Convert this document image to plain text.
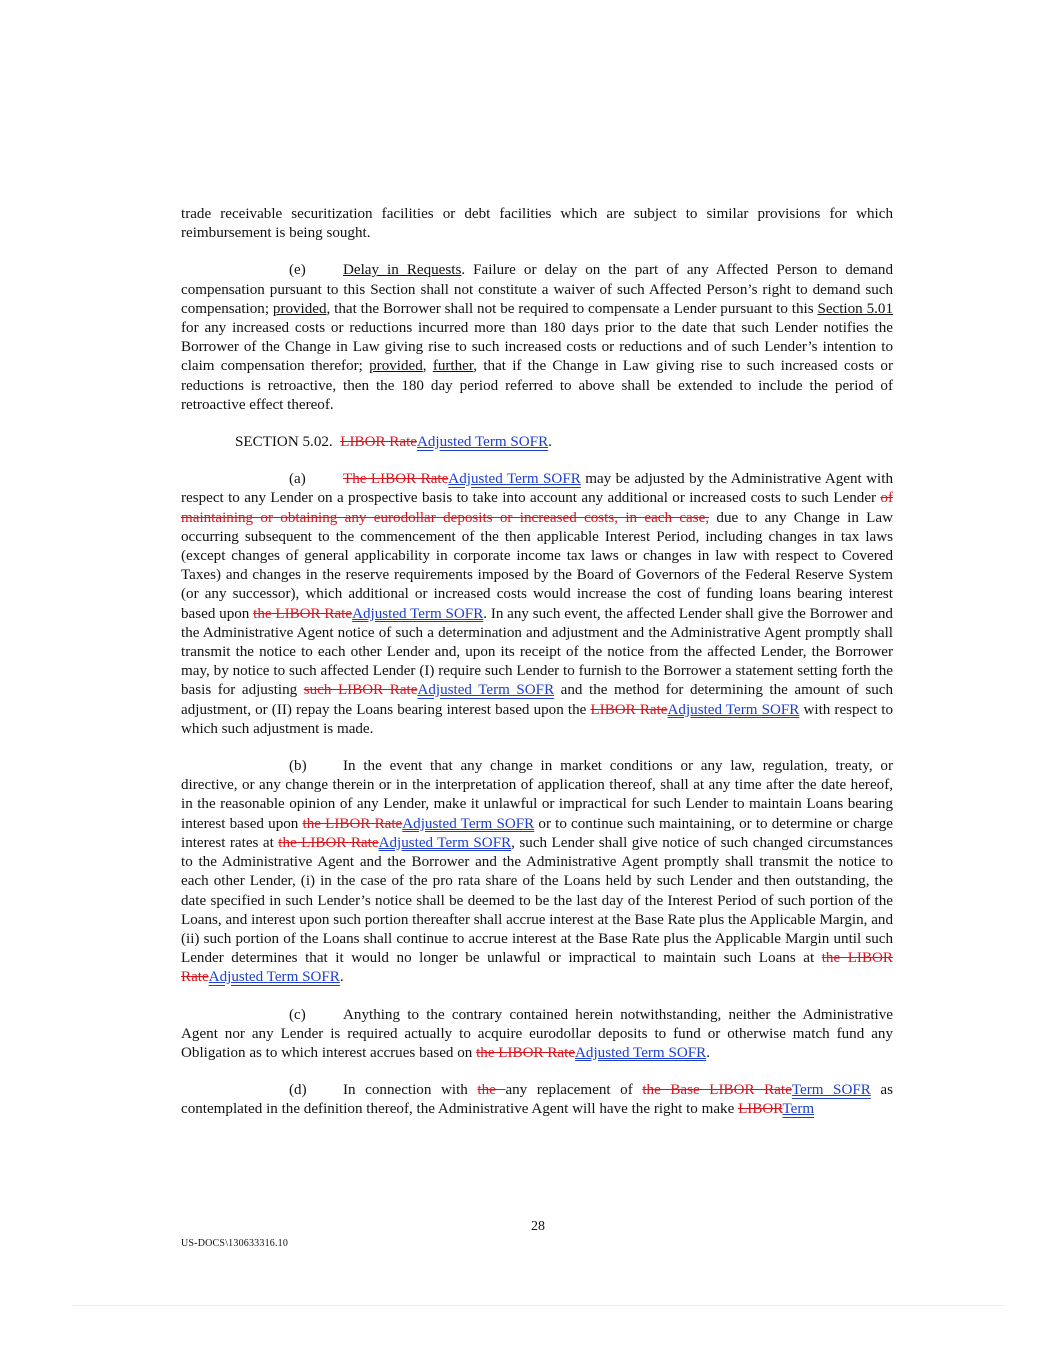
trade receivable securitization facilities or debt facilities which are subject to similar provisions for which reimbursement is being sought.

(e) Delay in Requests. Failure or delay on the part of any Affected Person to demand compensation pursuant to this Section shall not constitute a waiver of such Affected Person’s right to demand such compensation; provided, that the Borrower shall not be required to compensate a Lender pursuant to this Section 5.01 for any increased costs or reductions incurred more than 180 days prior to the date that such Lender notifies the Borrower of the Change in Law giving rise to such increased costs or reductions and of such Lender’s intention to claim compensation therefor; provided, further, that if the Change in Law giving rise to such increased costs or reductions is retroactive, then the 180 day period referred to above shall be extended to include the period of retroactive effect thereof.

SECTION 5.02. LIBOR RateAdjusted Term SOFR.

(a) The LIBOR RateAdjusted Term SOFR may be adjusted by the Administrative Agent with respect to any Lender on a prospective basis to take into account any additional or increased costs to such Lender of maintaining or obtaining any eurodollar deposits or increased costs, in each case, due to any Change in Law occurring subsequent to the commencement of the then applicable Interest Period, including changes in tax laws (except changes of general applicability in corporate income tax laws or changes in law with respect to Covered Taxes) and changes in the reserve requirements imposed by the Board of Governors of the Federal Reserve System (or any successor), which additional or increased costs would increase the cost of funding loans bearing interest based upon the LIBOR RateAdjusted Term SOFR. In any such event, the affected Lender shall give the Borrower and the Administrative Agent notice of such a determination and adjustment and the Administrative Agent promptly shall transmit the notice to each other Lender and, upon its receipt of the notice from the affected Lender, the Borrower may, by notice to such affected Lender (I) require such Lender to furnish to the Borrower a statement setting forth the basis for adjusting such LIBOR RateAdjusted Term SOFR and the method for determining the amount of such adjustment, or (II) repay the Loans bearing interest based upon the LIBOR RateAdjusted Term SOFR with respect to which such adjustment is made.

(b) In the event that any change in market conditions or any law, regulation, treaty, or directive, or any change therein or in the interpretation of application thereof, shall at any time after the date hereof, in the reasonable opinion of any Lender, make it unlawful or impractical for such Lender to maintain Loans bearing interest based upon the LIBOR RateAdjusted Term SOFR or to continue such maintaining, or to determine or charge interest rates at the LIBOR RateAdjusted Term SOFR, such Lender shall give notice of such changed circumstances to the Administrative Agent and the Borrower and the Administrative Agent promptly shall transmit the notice to each other Lender, (i) in the case of the pro rata share of the Loans held by such Lender and then outstanding, the date specified in such Lender’s notice shall be deemed to be the last day of the Interest Period of such portion of the Loans, and interest upon such portion thereafter shall accrue interest at the Base Rate plus the Applicable Margin, and (ii) such portion of the Loans shall continue to accrue interest at the Base Rate plus the Applicable Margin until such Lender determines that it would no longer be unlawful or impractical to maintain such Loans at the LIBOR RateAdjusted Term SOFR.

(c) Anything to the contrary contained herein notwithstanding, neither the Administrative Agent nor any Lender is required actually to acquire eurodollar deposits to fund or otherwise match fund any Obligation as to which interest accrues based on the LIBOR RateAdjusted Term SOFR.

(d) In connection with the any replacement of the Base LIBOR RateTerm SOFR as contemplated in the definition thereof, the Administrative Agent will have the right to make LIBORTerm

28
US-DOCS\130633316.10
